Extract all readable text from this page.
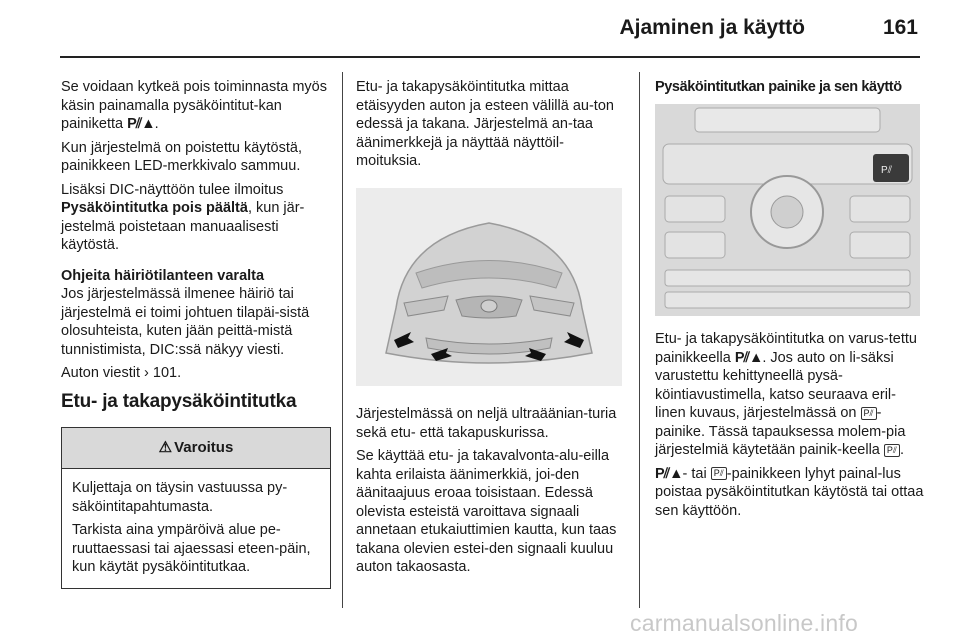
Ajaminen ja käyttö	161

Se voidaan kytkeä pois toiminnasta myös käsin painamalla pysäköintitut-kan painiketta P⫽▲.

Kun järjestelmä on poistettu käytöstä, painikkeen LED-merkkivalo sammuu.

Lisäksi DIC-näyttöön tulee ilmoitus Pysäköintitutka pois päältä, kun jär-jestelmä poistetaan manuaalisesti käytöstä.

Ohjeita häiriötilanteen varalta

Jos järjestelmässä ilmenee häiriö tai järjestelmä ei toimi johtuen tilapäi-sistä olosuhteista, kuten jään peittä-mistä tunnistimista, DIC:ssä näkyy viesti.

Auton viestit › 101.

Etu- ja takapysäköintitutka
⚠ Varoitus

Kuljettaja on täysin vastuussa py-säköintitapahtumasta.

Tarkista aina ympäröivä alue pe-ruuttaessasi tai ajaessasi eteen-päin, kun käytät pysäköintitutkaa.

Etu- ja takapysäköintitutka mittaa etäisyyden auton ja esteen välillä au-ton edessä ja takana. Järjestelmä an-taa äänimerkkejä ja näyttää näyttöil-moituksia.

Järjestelmässä on neljä ultraäänian-turia sekä etu- että takapuskurissa.

Se käyttää etu- ja takavalvonta-alu-eilla kahta erilaista äänimerkkiä, joi-den äänitaajuus eroaa toisistaan. Edessä olevista esteistä varoittava signaali annetaan etukaiuttimien kautta, kun taas takana olevien estei-den signaali kuuluu auton takaosasta.

Pysäköintitutkan painike ja sen käyttö
P⫽

Etu- ja takapysäköintitutka on varus-tettu painikkeella P⫽▲. Jos auto on li-säksi varustettu kehittyneellä pysä-köintiavustimella, katso seuraava eril-linen kuvaus, järjestelmässä on P⫽ -painike. Tässä tapauksessa molem-pia järjestelmiä käytetään painik-keella P⫽ .

P⫽▲- tai P⫽ -painikkeen lyhyt painal-lus poistaa pysäköintitutkan käytöstä tai ottaa sen käyttöön.

carmanualsonline.info
